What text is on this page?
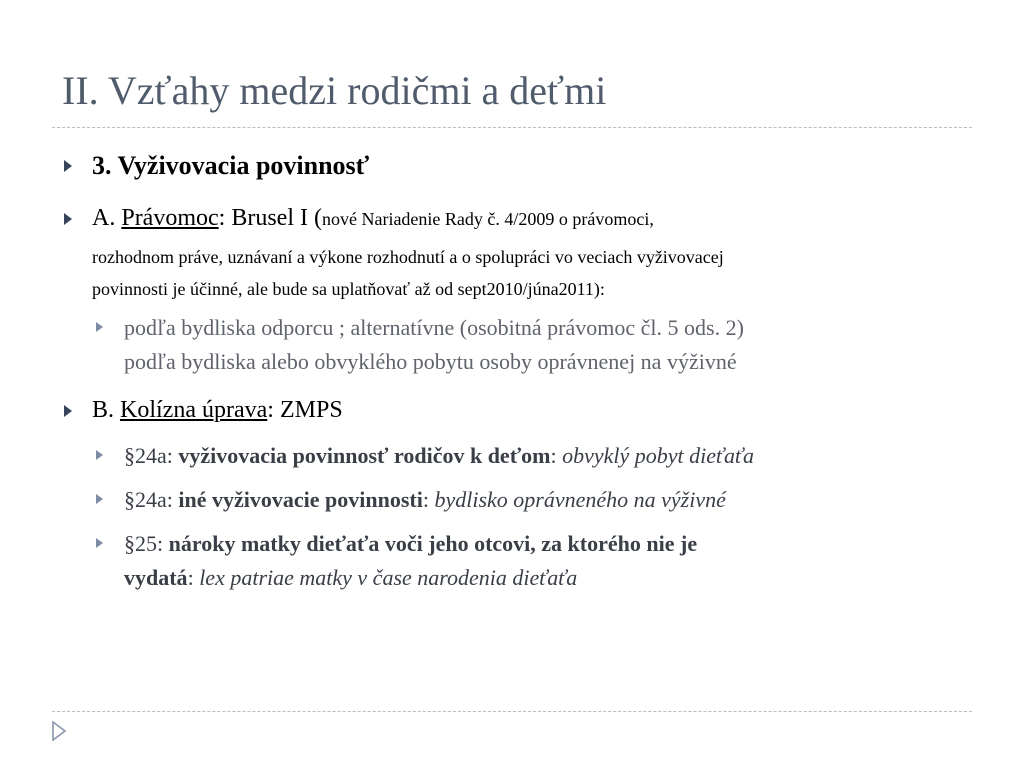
II. Vzťahy medzi rodičmi a deťmi
3. Vyživovacia povinnosť
A. Právomoc: Brusel I (nové Nariadenie Rady č. 4/2009 o právomoci,
rozhodnom práve, uznávaní a výkone rozhodnutí a o spolupráci vo veciach vyživovacej
povinnosti je účinné, ale bude sa uplatňovať až od sept2010/júna2011):
podľa bydliska odporcu ; alternatívne (osobitná právomoc čl. 5 ods. 2)
podľa bydliska alebo obvyklého pobytu osoby oprávnenej na výživné
B. Kolízna úprava: ZMPS
§24a: vyživovacia povinnosť rodičov k deťom: obvyklý pobyt dieťaťa
§24a: iné vyživovacie povinnosti: bydlisko oprávneného na výživné
§25: nároky matky dieťaťa voči jeho otcovi, za ktorého nie je
vydatá: lex patriae matky v čase narodenia dieťaťa
